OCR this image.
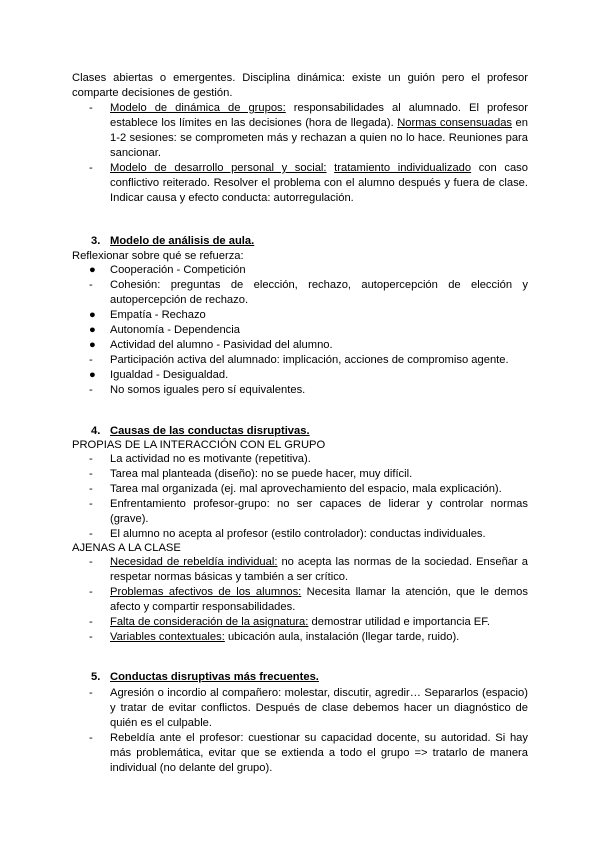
Clases abiertas o emergentes. Disciplina dinámica: existe un guión pero el profesor comparte decisiones de gestión.
-	Modelo de dinámica de grupos: responsabilidades al alumnado. El profesor establece los límites en las decisiones (hora de llegada). Normas consensuadas en 1-2 sesiones: se comprometen más y rechazan a quien no lo hace. Reuniones para sancionar.
-	Modelo de desarrollo personal y social: tratamiento individualizado con caso conflictivo reiterado. Resolver el problema con el alumno después y fuera de clase. Indicar causa y efecto conducta: autorregulación.
3. Modelo de análisis de aula.
Reflexionar sobre qué se refuerza:
●	Cooperación - Competición
-	Cohesión: preguntas de elección, rechazo, autopercepción de elección y autopercepción de rechazo.
●	Empatía - Rechazo
●	Autonomía - Dependencia
●	Actividad del alumno - Pasividad del alumno.
-	Participación activa del alumnado: implicación, acciones de compromiso agente.
●	Igualdad - Desigualdad.
-	No somos iguales pero sí equivalentes.
4. Causas de las conductas disruptivas.
PROPIAS DE LA INTERACCIÓN CON EL GRUPO
-	La actividad no es motivante (repetitiva).
-	Tarea mal planteada (diseño): no se puede hacer, muy difícil.
-	Tarea mal organizada (ej. mal aprovechamiento del espacio, mala explicación).
-	Enfrentamiento profesor-grupo: no ser capaces de liderar y controlar normas (grave).
-	El alumno no acepta al profesor (estilo controlador): conductas individuales.
AJENAS A LA CLASE
-	Necesidad de rebeldía individual: no acepta las normas de la sociedad. Enseñar a respetar normas básicas y también a ser crítico.
-	Problemas afectivos de los alumnos: Necesita llamar la atención, que le demos afecto y compartir responsabilidades.
-	Falta de consideración de la asignatura: demostrar utilidad e importancia EF.
-	Variables contextuales: ubicación aula, instalación (llegar tarde, ruido).
5. Conductas disruptivas más frecuentes.
-	Agresión o incordio al compañero: molestar, discutir, agredir… Separarlos (espacio) y tratar de evitar conflictos. Después de clase debemos hacer un diagnóstico de quién es el culpable.
-	Rebeldía ante el profesor: cuestionar su capacidad docente, su autoridad. Si hay más problemática, evitar que se extienda a todo el grupo => tratarlo de manera individual (no delante del grupo).
